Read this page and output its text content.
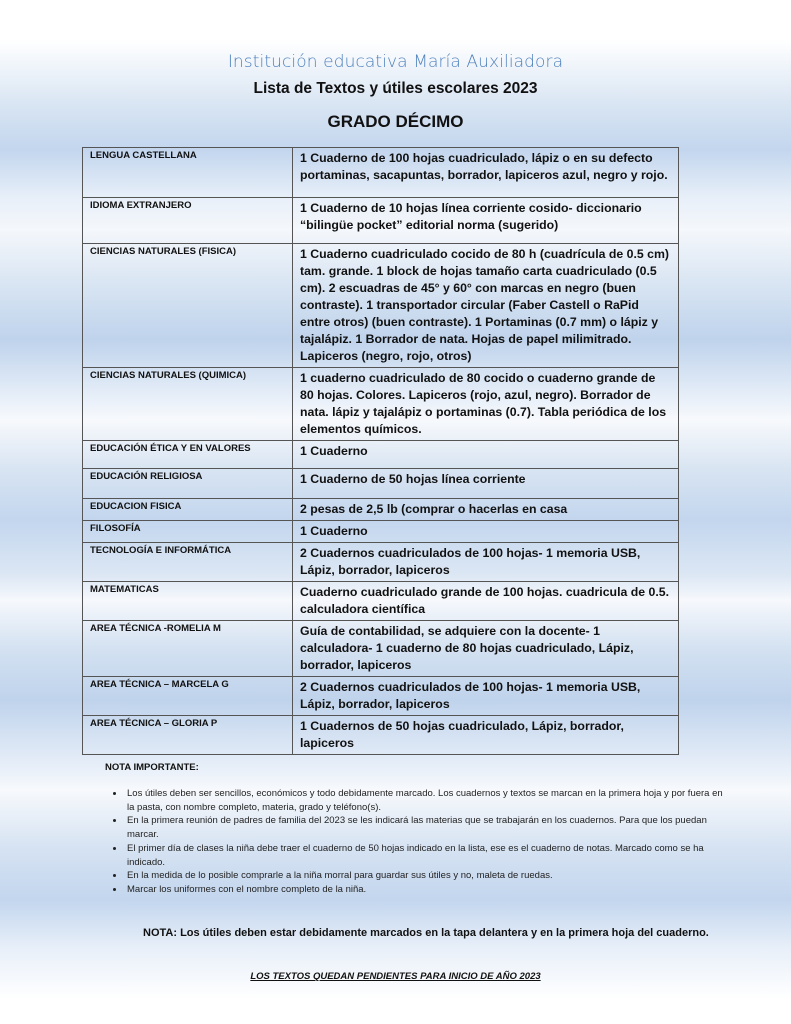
Institución educativa María Auxiliadora
Lista de Textos y útiles escolares 2023
GRADO DÉCIMO
LENGUA CASTELLANA	1 Cuaderno de 100 hojas cuadriculado, lápiz o en su defecto portaminas, sacapuntas, borrador, lapiceros azul, negro y rojo.
IDIOMA EXTRANJERO	1 Cuaderno de 10 hojas línea corriente cosido- diccionario “bilingüe pocket” editorial norma (sugerido)
CIENCIAS NATURALES (FISICA)	1 Cuaderno cuadriculado cocido de 80 h (cuadrícula de 0.5 cm) tam. grande. 1 block de hojas tamaño carta cuadriculado (0.5 cm). 2 escuadras de 45° y 60° con marcas en negro (buen contraste). 1 transportador circular (Faber Castell o RaPid entre otros) (buen contraste). 1 Portaminas (0.7 mm) o lápiz y tajalápiz. 1 Borrador de nata. Hojas de papel milimitrado. Lapiceros (negro, rojo, otros)
CIENCIAS NATURALES (QUIMICA)	1 cuaderno cuadriculado de 80 cocido o cuaderno grande de 80 hojas. Colores. Lapiceros (rojo, azul, negro). Borrador de nata. lápiz y tajalápiz o portaminas (0.7). Tabla periódica de los elementos químicos.
EDUCACIÓN ÉTICA Y EN VALORES	1 Cuaderno
EDUCACIÓN RELIGIOSA	1 Cuaderno de 50 hojas línea corriente
EDUCACION FISICA	2 pesas de 2,5 lb (comprar o hacerlas en casa
FILOSOFÍA	1 Cuaderno
TECNOLOGÍA E INFORMÁTICA	2 Cuadernos cuadriculados de 100 hojas- 1 memoria USB, Lápiz, borrador, lapiceros
MATEMATICAS	Cuaderno cuadriculado grande de 100 hojas. cuadricula de 0.5. calculadora científica
AREA TÉCNICA -ROMELIA M	Guía de contabilidad, se adquiere con la docente- 1 calculadora- 1 cuaderno de 80 hojas cuadriculado, Lápiz, borrador, lapiceros
AREA TÉCNICA – MARCELA G	2 Cuadernos cuadriculados de 100 hojas- 1 memoria USB, Lápiz, borrador, lapiceros
AREA TÉCNICA – GLORIA P	1 Cuadernos de 50 hojas cuadriculado, Lápiz, borrador, lapiceros
NOTA IMPORTANTE:
• Los útiles deben ser sencillos, económicos y todo debidamente marcado. Los cuadernos y textos se marcan en la primera hoja y por fuera en la pasta, con nombre completo, materia, grado y teléfono(s).
• En la primera reunión de padres de familia del 2023 se les indicará las materias que se trabajarán en los cuadernos. Para que los puedan marcar.
• El primer día de clases la niña debe traer el cuaderno de 50 hojas indicado en la lista, ese es el cuaderno de notas. Marcado como se ha indicado.
• En la medida de lo posible comprarle a la niña morral para guardar sus útiles y no, maleta de ruedas.
• Marcar los uniformes con el nombre completo de la niña.
NOTA: Los útiles deben estar debidamente marcados en la tapa delantera y en la primera hoja del cuaderno.
LOS TEXTOS QUEDAN PENDIENTES PARA INICIO DE AÑO 2023
